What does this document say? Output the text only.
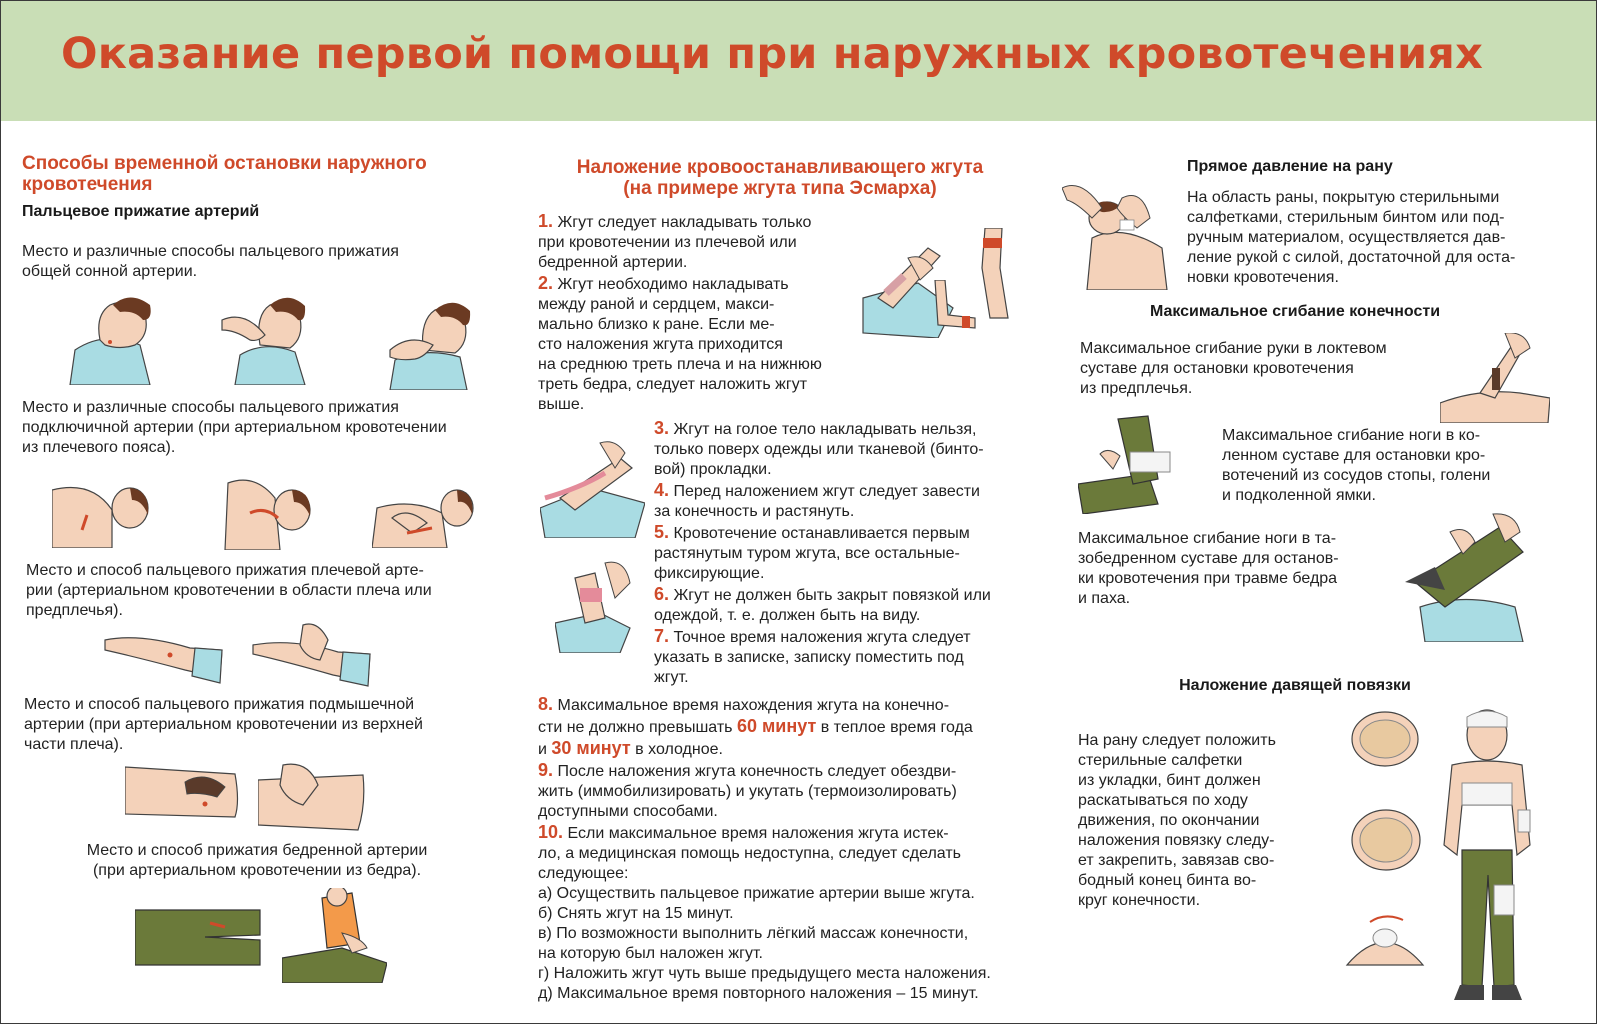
Оказание первой помощи при наружных кровотечениях
Способы временной остановки наружного
кровотечения
Пальцевое прижатие артерий

Место и различные способы пальцевого прижатия

общей сонной артерии.

Место и различные способы пальцевого прижатия

подключичной артерии (при артериальном кровотечении

из плечевого пояса).

Место и способ пальцевого прижатия плечевой арте-

рии (артериальном кровотечении в области плеча или

предплечья).

Место и способ пальцевого прижатия подмышечной

артерии (при артериальном кровотечении из верхней

части плеча).

Место и способ прижатия бедренной артерии

(при артериальном кровотечении из бедра).

Наложение кровоостанавливающего жгута
(на примере жгута типа Эсмарха)

1. Жгут следует накладывать только

при кровотечении из плечевой или

бедренной артерии.

2. Жгут необходимо накладывать

между раной и сердцем, макси-

мально близко к ране. Если ме-

сто наложения жгута приходится

на среднюю треть плеча и на нижнюю

треть бедра, следует наложить жгут

выше.

3. Жгут на голое тело накладывать нельзя,

только поверх одежды или тканевой (бинто-

вой) прокладки.

4. Перед наложением жгут следует завести

за конечность и растянуть.

5. Кровотечение останавливается первым

растянутым туром жгута, все остальные-

фиксирующие.

6. Жгут не должен быть закрыт повязкой или

одеждой, т. е. должен быть на виду.

7. Точное время наложения жгута следует

указать в записке, записку поместить под

жгут.

8. Максимальное время нахождения жгута на конечно-

сти не должно превышать 60 минут в теплое время года

и 30 минут в холодное.

9. После наложения жгута конечность следует обездви-

жить (иммобилизировать) и укутать (термоизолировать)

доступными способами.

10. Если максимальное время наложения жгута истек-

ло, а медицинская помощь недоступна, следует сделать

следующее:

а) Осуществить пальцевое прижатие артерии выше жгута.

б) Снять жгут на 15 минут.

в) По возможности выполнить лёгкий массаж конечности,

на которую был наложен жгут.

г) Наложить жгут чуть выше предыдущего места наложения.

д) Максимальное время повторного наложения – 15 минут.

Прямое давление на рану

На область раны, покрытую стерильными

салфетками, стерильным бинтом или под-

ручным материалом, осуществляется дав-

ление рукой с силой, достаточной для оста-

новки кровотечения.

Максимальное сгибание конечности

Максимальное сгибание руки в локтевом

суставе для остановки кровотечения

из предплечья.

Максимальное сгибание ноги в ко-

ленном суставе для остановки кро-

вотечений из сосудов стопы, голени

и подколенной ямки.

Максимальное сгибание ноги в та-

зобедренном суставе для останов-

ки кровотечения при травме бедра

и паха.

Наложение давящей повязки

На рану следует положить

стерильные салфетки

из укладки, бинт должен

раскатываться по ходу

движения, по окончании

наложения повязку следу-

ет закрепить, завязав сво-

бодный конец бинта во-

круг конечности.
